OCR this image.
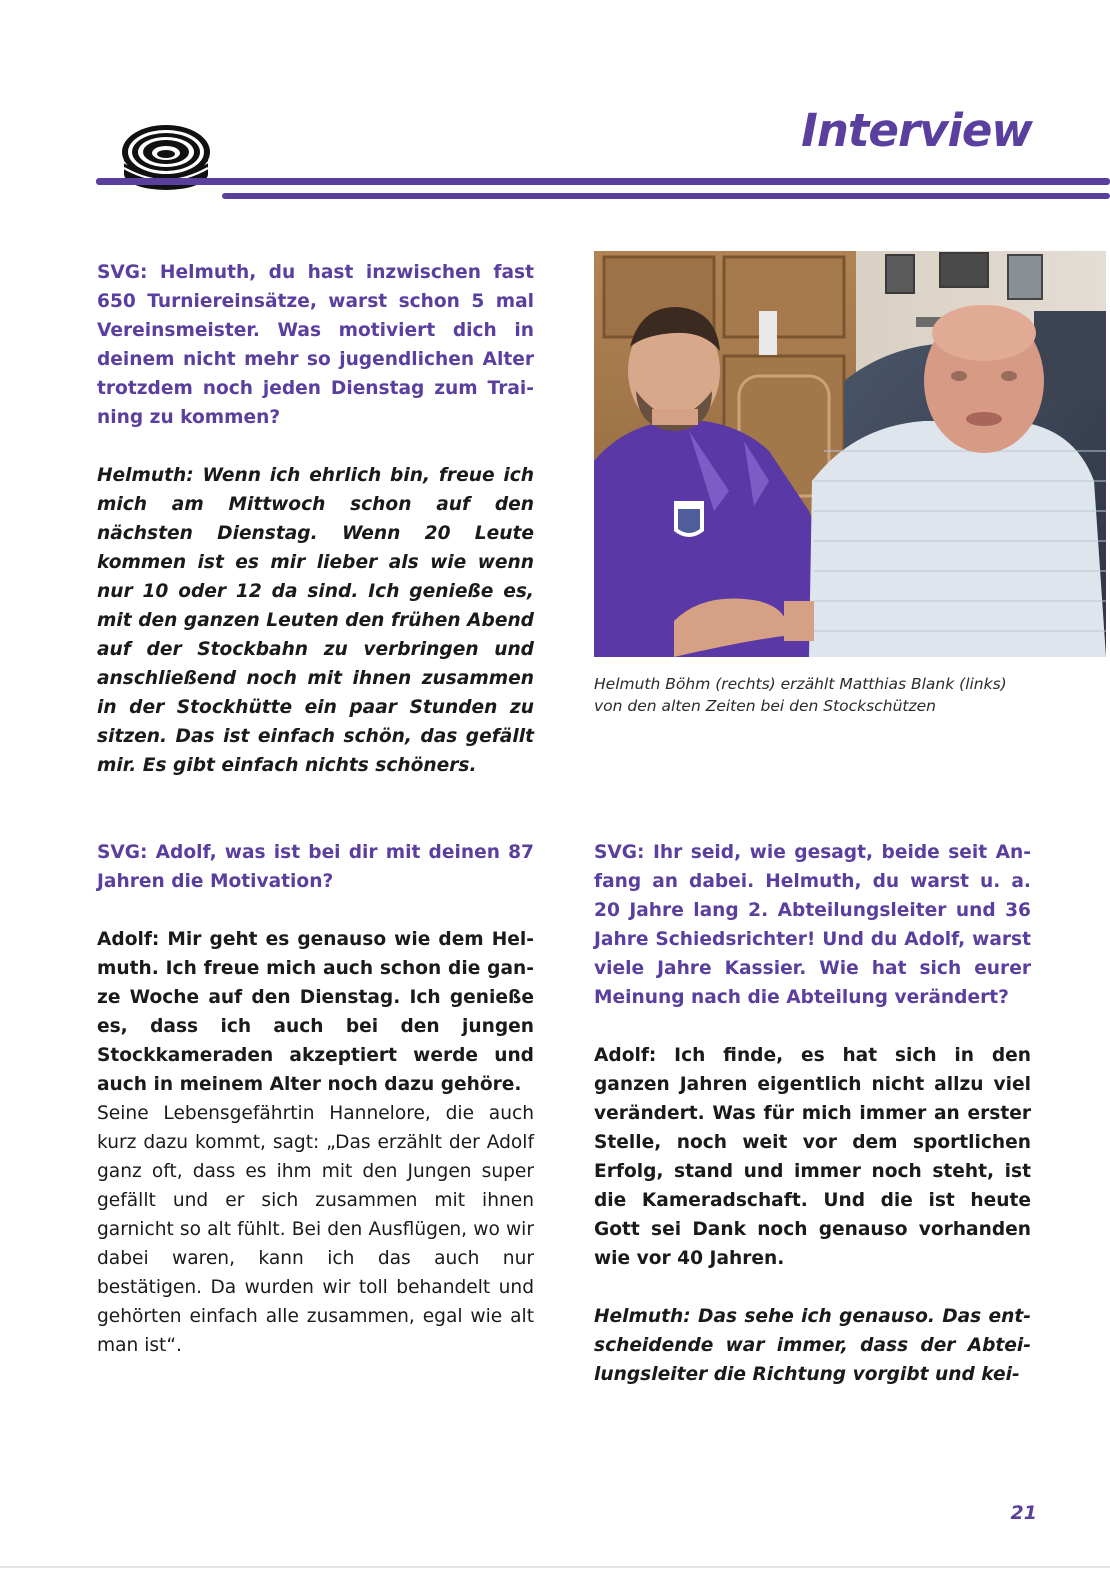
Interview

SVG: Helmuth, du hast inzwischen fast 650 Turniereinsätze, warst schon 5 mal Vereinsmeister. Was motiviert dich in deinem nicht mehr so jugendlichen Alter trotzdem noch jeden Dienstag zum Training zu kommen?

Helmuth: Wenn ich ehrlich bin, freue ich mich am Mittwoch schon auf den nächsten Dienstag. Wenn 20 Leute kommen ist es mir lieber als wie wenn nur 10 oder 12 da sind. Ich genieße es, mit den ganzen Leuten den frühen Abend auf der Stockbahn zu verbringen und anschließend noch mit ihnen zusammen in der Stockhütte ein paar Stunden zu sitzen. Das ist einfach schön, das gefällt mir. Es gibt einfach nichts schöners.

Helmuth Böhm (rechts) erzählt Matthias Blank (links) von den alten Zeiten bei den Stockschützen

SVG: Adolf, was ist bei dir mit deinen 87 Jahren die Motivation?

Adolf: Mir geht es genauso wie dem Helmuth. Ich freue mich auch schon die ganze Woche auf den Dienstag. Ich genieße es, dass ich auch bei den jungen Stockkameraden akzeptiert werde und auch in meinem Alter noch dazu gehöre.

Seine Lebensgefährtin Hannelore, die auch kurz dazu kommt, sagt: „Das erzählt der Adolf ganz oft, dass es ihm mit den Jungen super gefällt und er sich zusammen mit ihnen garnicht so alt fühlt. Bei den Ausflügen, wo wir dabei waren, kann ich das auch nur bestätigen. Da wurden wir toll behandelt und gehörten einfach alle zusammen, egal wie alt man ist“.

SVG: Ihr seid, wie gesagt, beide seit Anfang an dabei. Helmuth, du warst u. a. 20 Jahre lang 2. Abteilungsleiter und 36 Jahre Schiedsrichter! Und du Adolf, warst viele Jahre Kassier. Wie hat sich eurer Meinung nach die Abteilung verändert?

Adolf: Ich finde, es hat sich in den ganzen Jahren eigentlich nicht allzu viel verändert. Was für mich immer an erster Stelle, noch weit vor dem sportlichen Erfolg, stand und immer noch steht, ist die Kameradschaft. Und die ist heute Gott sei Dank noch genauso vorhanden wie vor 40 Jahren.

Helmuth: Das sehe ich genauso. Das entscheidende war immer, dass der Abteilungsleiter die Richtung vorgibt und kei-

21
